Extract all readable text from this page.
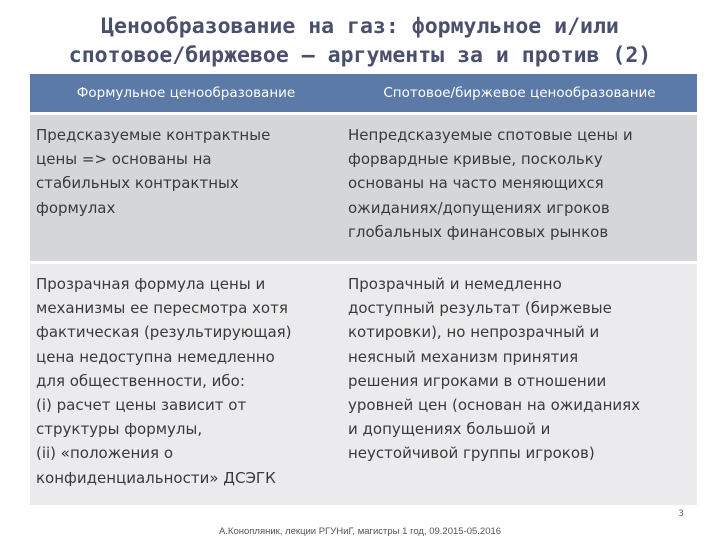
Ценообразование на газ: формульное и/или
спотовое/биржевое – аргументы за и против (2)
Формульное ценообразование	Спотовое/биржевое ценообразование
Предсказуемые контрактные
цены => основаны на
стабильных контрактных
формулах
Непредсказуемые спотовые цены и
форвардные кривые, поскольку
основаны на часто меняющихся
ожиданиях/допущениях игроков
глобальных финансовых рынков
Прозрачная формула цены и
механизмы ее пересмотра хотя
фактическая (результирующая)
цена недоступна немедленно
для общественности, ибо:
(i) расчет цены зависит от
структуры формулы,
(ii) «положения о
конфиденциальности» ДСЭГК
Прозрачный и немедленно
доступный результат (биржевые
котировки), но непрозрачный и
неясный механизм принятия
решения игроками в отношении
уровней цен (основан на ожиданиях
и допущениях большой и
неустойчивой группы игроков)
3
А.Конопляник, лекции РГУНиГ, магистры 1 год, 09.2015-05.2016
